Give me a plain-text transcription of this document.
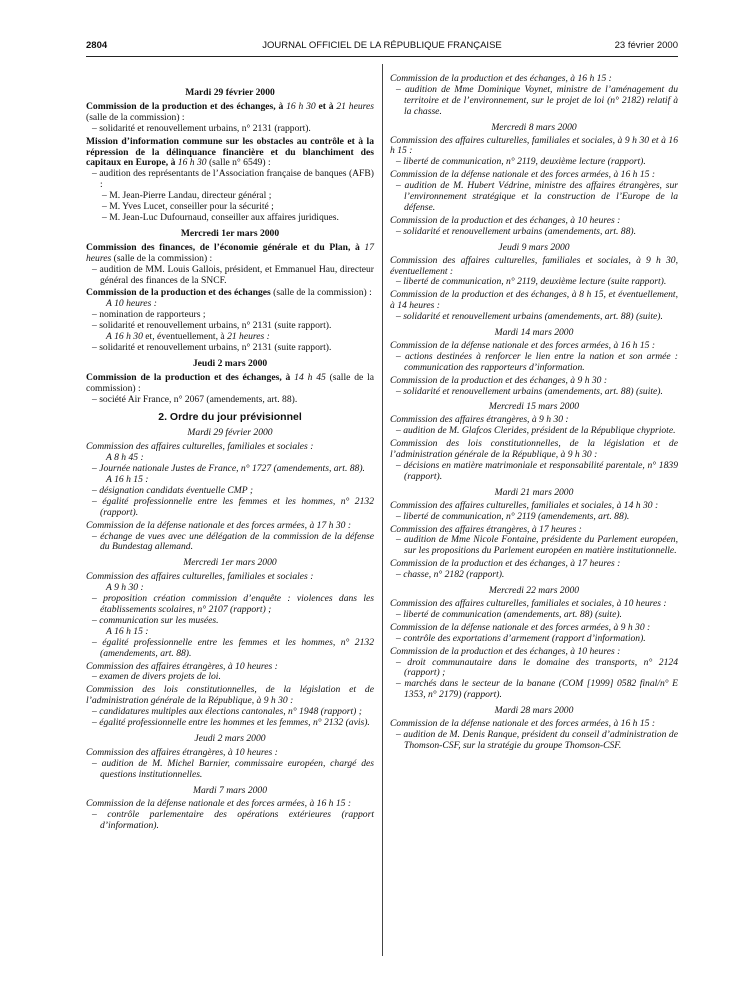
2804	JOURNAL OFFICIEL DE LA RÉPUBLIQUE FRANÇAISE	23 février 2000
Mardi 29 février 2000
Commission de la production et des échanges, à 16 h 30 et à 21 heures (salle de la commission) :
– solidarité et renouvellement urbains, n° 2131 (rapport).
Mission d’information commune sur les obstacles au contrôle et à la répression de la délinquance financière et du blanchiment des capitaux en Europe, à 16 h 30 (salle n° 6549) :
– audition des représentants de l’Association française de banques (AFB) :
– M. Jean-Pierre Landau, directeur général ;
– M. Yves Lucet, conseiller pour la sécurité ;
– M. Jean-Luc Dufournaud, conseiller aux affaires juridiques.
Mercredi 1er mars 2000
Commission des finances, de l’économie générale et du Plan, à 17 heures (salle de la commission) :
– audition de MM. Louis Gallois, président, et Emmanuel Hau, directeur général des finances de la SNCF.
Commission de la production et des échanges (salle de la commission) :
A 10 heures :
– nomination de rapporteurs ;
– solidarité et renouvellement urbains, n° 2131 (suite rapport).
A 16 h 30 et, éventuellement, à 21 heures :
– solidarité et renouvellement urbains, n° 2131 (suite rapport).
Jeudi 2 mars 2000
Commission de la production et des échanges, à 14 h 45 (salle de la commission) :
– société Air France, n° 2067 (amendements, art. 88).
2. Ordre du jour prévisionnel
Mardi 29 février 2000
Commission des affaires culturelles, familiales et sociales :
A 8 h 45 :
– Journée nationale Justes de France, n° 1727 (amendements, art. 88).
A 16 h 15 :
– désignation candidats éventuelle CMP ;
– égalité professionnelle entre les femmes et les hommes, n° 2132 (rapport).
Commission de la défense nationale et des forces armées, à 17 h 30 :
– échange de vues avec une délégation de la commission de la défense du Bundestag allemand.
Mercredi 1er mars 2000
Commission des affaires culturelles, familiales et sociales :
A 9 h 30 :
– proposition création commission d’enquête : violences dans les établissements scolaires, n° 2107 (rapport) ;
– communication sur les musées.
A 16 h 15 :
– égalité professionnelle entre les femmes et les hommes, n° 2132 (amendements, art. 88).
Commission des affaires étrangères, à 10 heures :
– examen de divers projets de loi.
Commission des lois constitutionnelles, de la législation et de l’administration générale de la République, à 9 h 30 :
– candidatures multiples aux élections cantonales, n° 1948 (rapport) ;
– égalité professionnelle entre les hommes et les femmes, n° 2132 (avis).
Jeudi 2 mars 2000
Commission des affaires étrangères, à 10 heures :
– audition de M. Michel Barnier, commissaire européen, chargé des questions institutionnelles.
Mardi 7 mars 2000
Commission de la défense nationale et des forces armées, à 16 h 15 :
– contrôle parlementaire des opérations extérieures (rapport d’information).
Commission de la production et des échanges, à 16 h 15 :
– audition de Mme Dominique Voynet, ministre de l’aménagement du territoire et de l’environnement, sur le projet de loi (n° 2182) relatif à la chasse.
Mercredi 8 mars 2000
Commission des affaires culturelles, familiales et sociales, à 9 h 30 et à 16 h 15 :
– liberté de communication, n° 2119, deuxième lecture (rapport).
Commission de la défense nationale et des forces armées, à 16 h 15 :
– audition de M. Hubert Védrine, ministre des affaires étrangères, sur l’environnement stratégique et la construction de l’Europe de la défense.
Commission de la production et des échanges, à 10 heures :
– solidarité et renouvellement urbains (amendements, art. 88).
Jeudi 9 mars 2000
Commission des affaires culturelles, familiales et sociales, à 9 h 30, éventuellement :
– liberté de communication, n° 2119, deuxième lecture (suite rapport).
Commission de la production et des échanges, à 8 h 15, et éventuellement, à 14 heures :
– solidarité et renouvellement urbains (amendements, art. 88) (suite).
Mardi 14 mars 2000
Commission de la défense nationale et des forces armées, à 16 h 15 :
– actions destinées à renforcer le lien entre la nation et son armée : communication des rapporteurs d’information.
Commission de la production et des échanges, à 9 h 30 :
– solidarité et renouvellement urbains (amendements, art. 88) (suite).
Mercredi 15 mars 2000
Commission des affaires étrangères, à 9 h 30 :
– audition de M. Glafcos Clerides, président de la République chypriote.
Commission des lois constitutionnelles, de la législation et de l’administration générale de la République, à 9 h 30 :
– décisions en matière matrimoniale et responsabilité parentale, n° 1839 (rapport).
Mardi 21 mars 2000
Commission des affaires culturelles, familiales et sociales, à 14 h 30 :
– liberté de communication, n° 2119 (amendements, art. 88).
Commission des affaires étrangères, à 17 heures :
– audition de Mme Nicole Fontaine, présidente du Parlement européen, sur les propositions du Parlement européen en matière institutionnelle.
Commission de la production et des échanges, à 17 heures :
– chasse, n° 2182 (rapport).
Mercredi 22 mars 2000
Commission des affaires culturelles, familiales et sociales, à 10 heures :
– liberté de communication (amendements, art. 88) (suite).
Commission de la défense nationale et des forces armées, à 9 h 30 :
– contrôle des exportations d’armement (rapport d’information).
Commission de la production et des échanges, à 10 heures :
– droit communautaire dans le domaine des transports, n° 2124 (rapport) ;
– marchés dans le secteur de la banane (COM [1999] 0582 final/n° E 1353, n° 2179) (rapport).
Mardi 28 mars 2000
Commission de la défense nationale et des forces armées, à 16 h 15 :
– audition de M. Denis Ranque, président du conseil d’administration de Thomson-CSF, sur la stratégie du groupe Thomson-CSF.
